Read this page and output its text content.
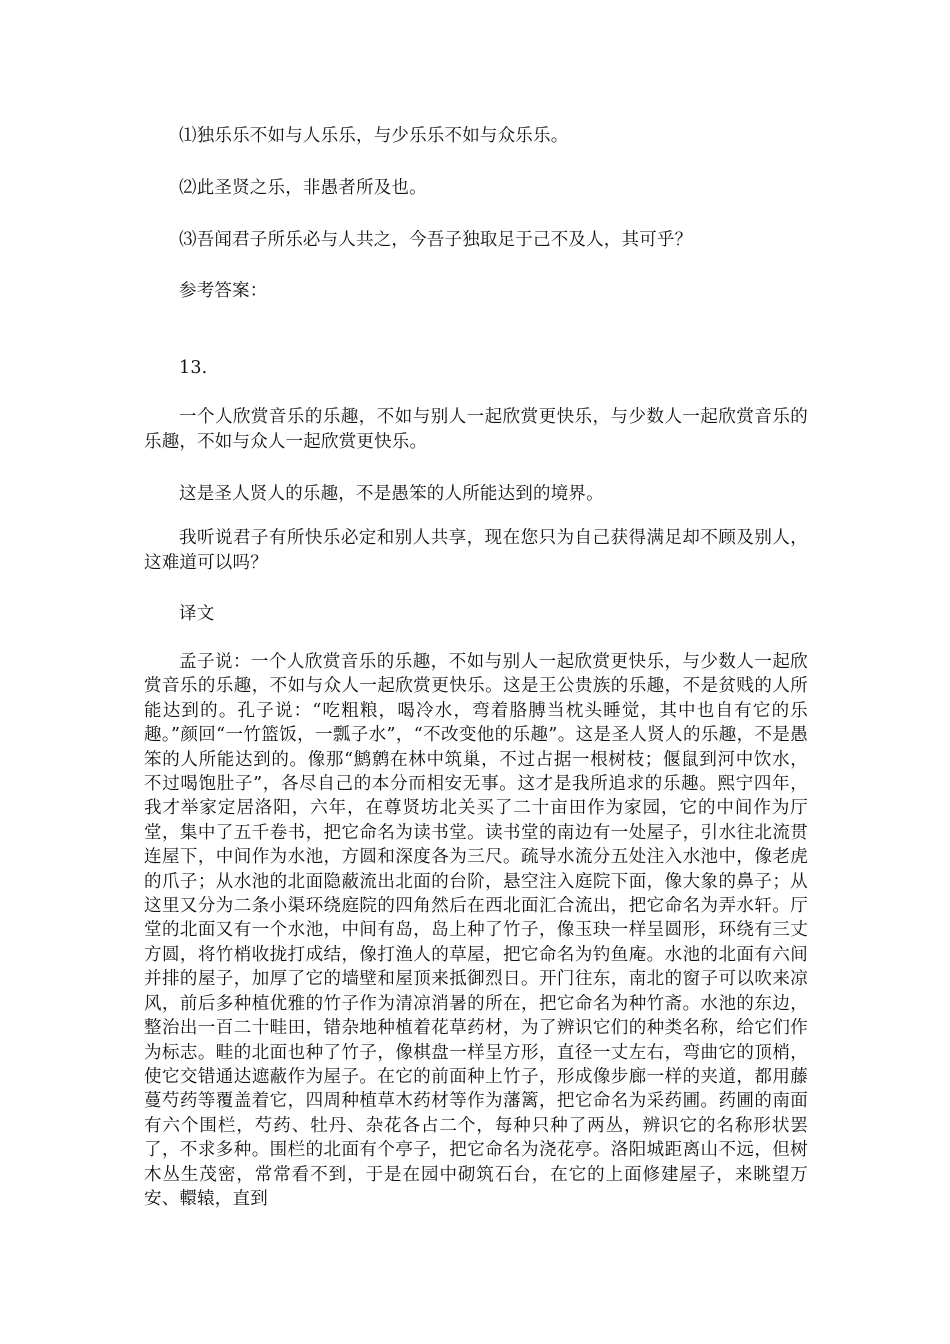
⑴独乐乐不如与人乐乐，与少乐乐不如与众乐乐。

⑵此圣贤之乐，非愚者所及也。

⑶吾闻君子所乐必与人共之，今吾子独取足于己不及人，其可乎？

参考答案：

13.

一个人欣赏音乐的乐趣，不如与别人一起欣赏更快乐，与少数人一起欣赏音乐的乐趣，不如与众人一起欣赏更快乐。

这是圣人贤人的乐趣，不是愚笨的人所能达到的境界。

我听说君子有所快乐必定和别人共享，现在您只为自己获得满足却不顾及别人，这难道可以吗？

译文

孟子说：一个人欣赏音乐的乐趣，不如与别人一起欣赏更快乐，与少数人一起欣赏音乐的乐趣，不如与众人一起欣赏更快乐。这是王公贵族的乐趣，不是贫贱的人所能达到的。孔子说：“吃粗粮，喝冷水，弯着胳膊当枕头睡觉，其中也自有它的乐趣。”颜回“一竹篮饭，一瓢子水”，“不改变他的乐趣”。这是圣人贤人的乐趣，不是愚笨的人所能达到的。像那“鹪鹩在林中筑巢，不过占据一根树枝；偃鼠到河中饮水，不过喝饱肚子”，各尽自己的本分而相安无事。这才是我所追求的乐趣。熙宁四年，我才举家定居洛阳，六年，在尊贤坊北关买了二十亩田作为家园，它的中间作为厅堂，集中了五千卷书，把它命名为读书堂。读书堂的南边有一处屋子，引水往北流贯连屋下，中间作为水池，方圆和深度各为三尺。疏导水流分五处注入水池中，像老虎的爪子；从水池的北面隐蔽流出北面的台阶，悬空注入庭院下面，像大象的鼻子；从这里又分为二条小渠环绕庭院的四角然后在西北面汇合流出，把它命名为弄水轩。厅堂的北面又有一个水池，中间有岛，岛上种了竹子，像玉玦一样呈圆形，环绕有三丈方圆，将竹梢收拢打成结，像打渔人的草屋，把它命名为钓鱼庵。水池的北面有六间并排的屋子，加厚了它的墙壁和屋顶来抵御烈日。开门往东，南北的窗子可以吹来凉风，前后多种植优雅的竹子作为清凉消暑的所在，把它命名为种竹斋。水池的东边，整治出一百二十畦田，错杂地种植着花草药材，为了辨识它们的种类名称，给它们作为标志。畦的北面也种了竹子，像棋盘一样呈方形，直径一丈左右，弯曲它的顶梢，使它交错通达遮蔽作为屋子。在它的前面种上竹子，形成像步廊一样的夹道，都用藤蔓芍药等覆盖着它，四周种植草木药材等作为藩篱，把它命名为采药圃。药圃的南面有六个围栏，芍药、牡丹、杂花各占二个，每种只种了两丛，辨识它的名称形状罢了，不求多种。围栏的北面有个亭子，把它命名为浇花亭。洛阳城距离山不远，但树木丛生茂密，常常看不到，于是在园中砌筑石台，在它的上面修建屋子，来眺望万安、轘辕，直到
